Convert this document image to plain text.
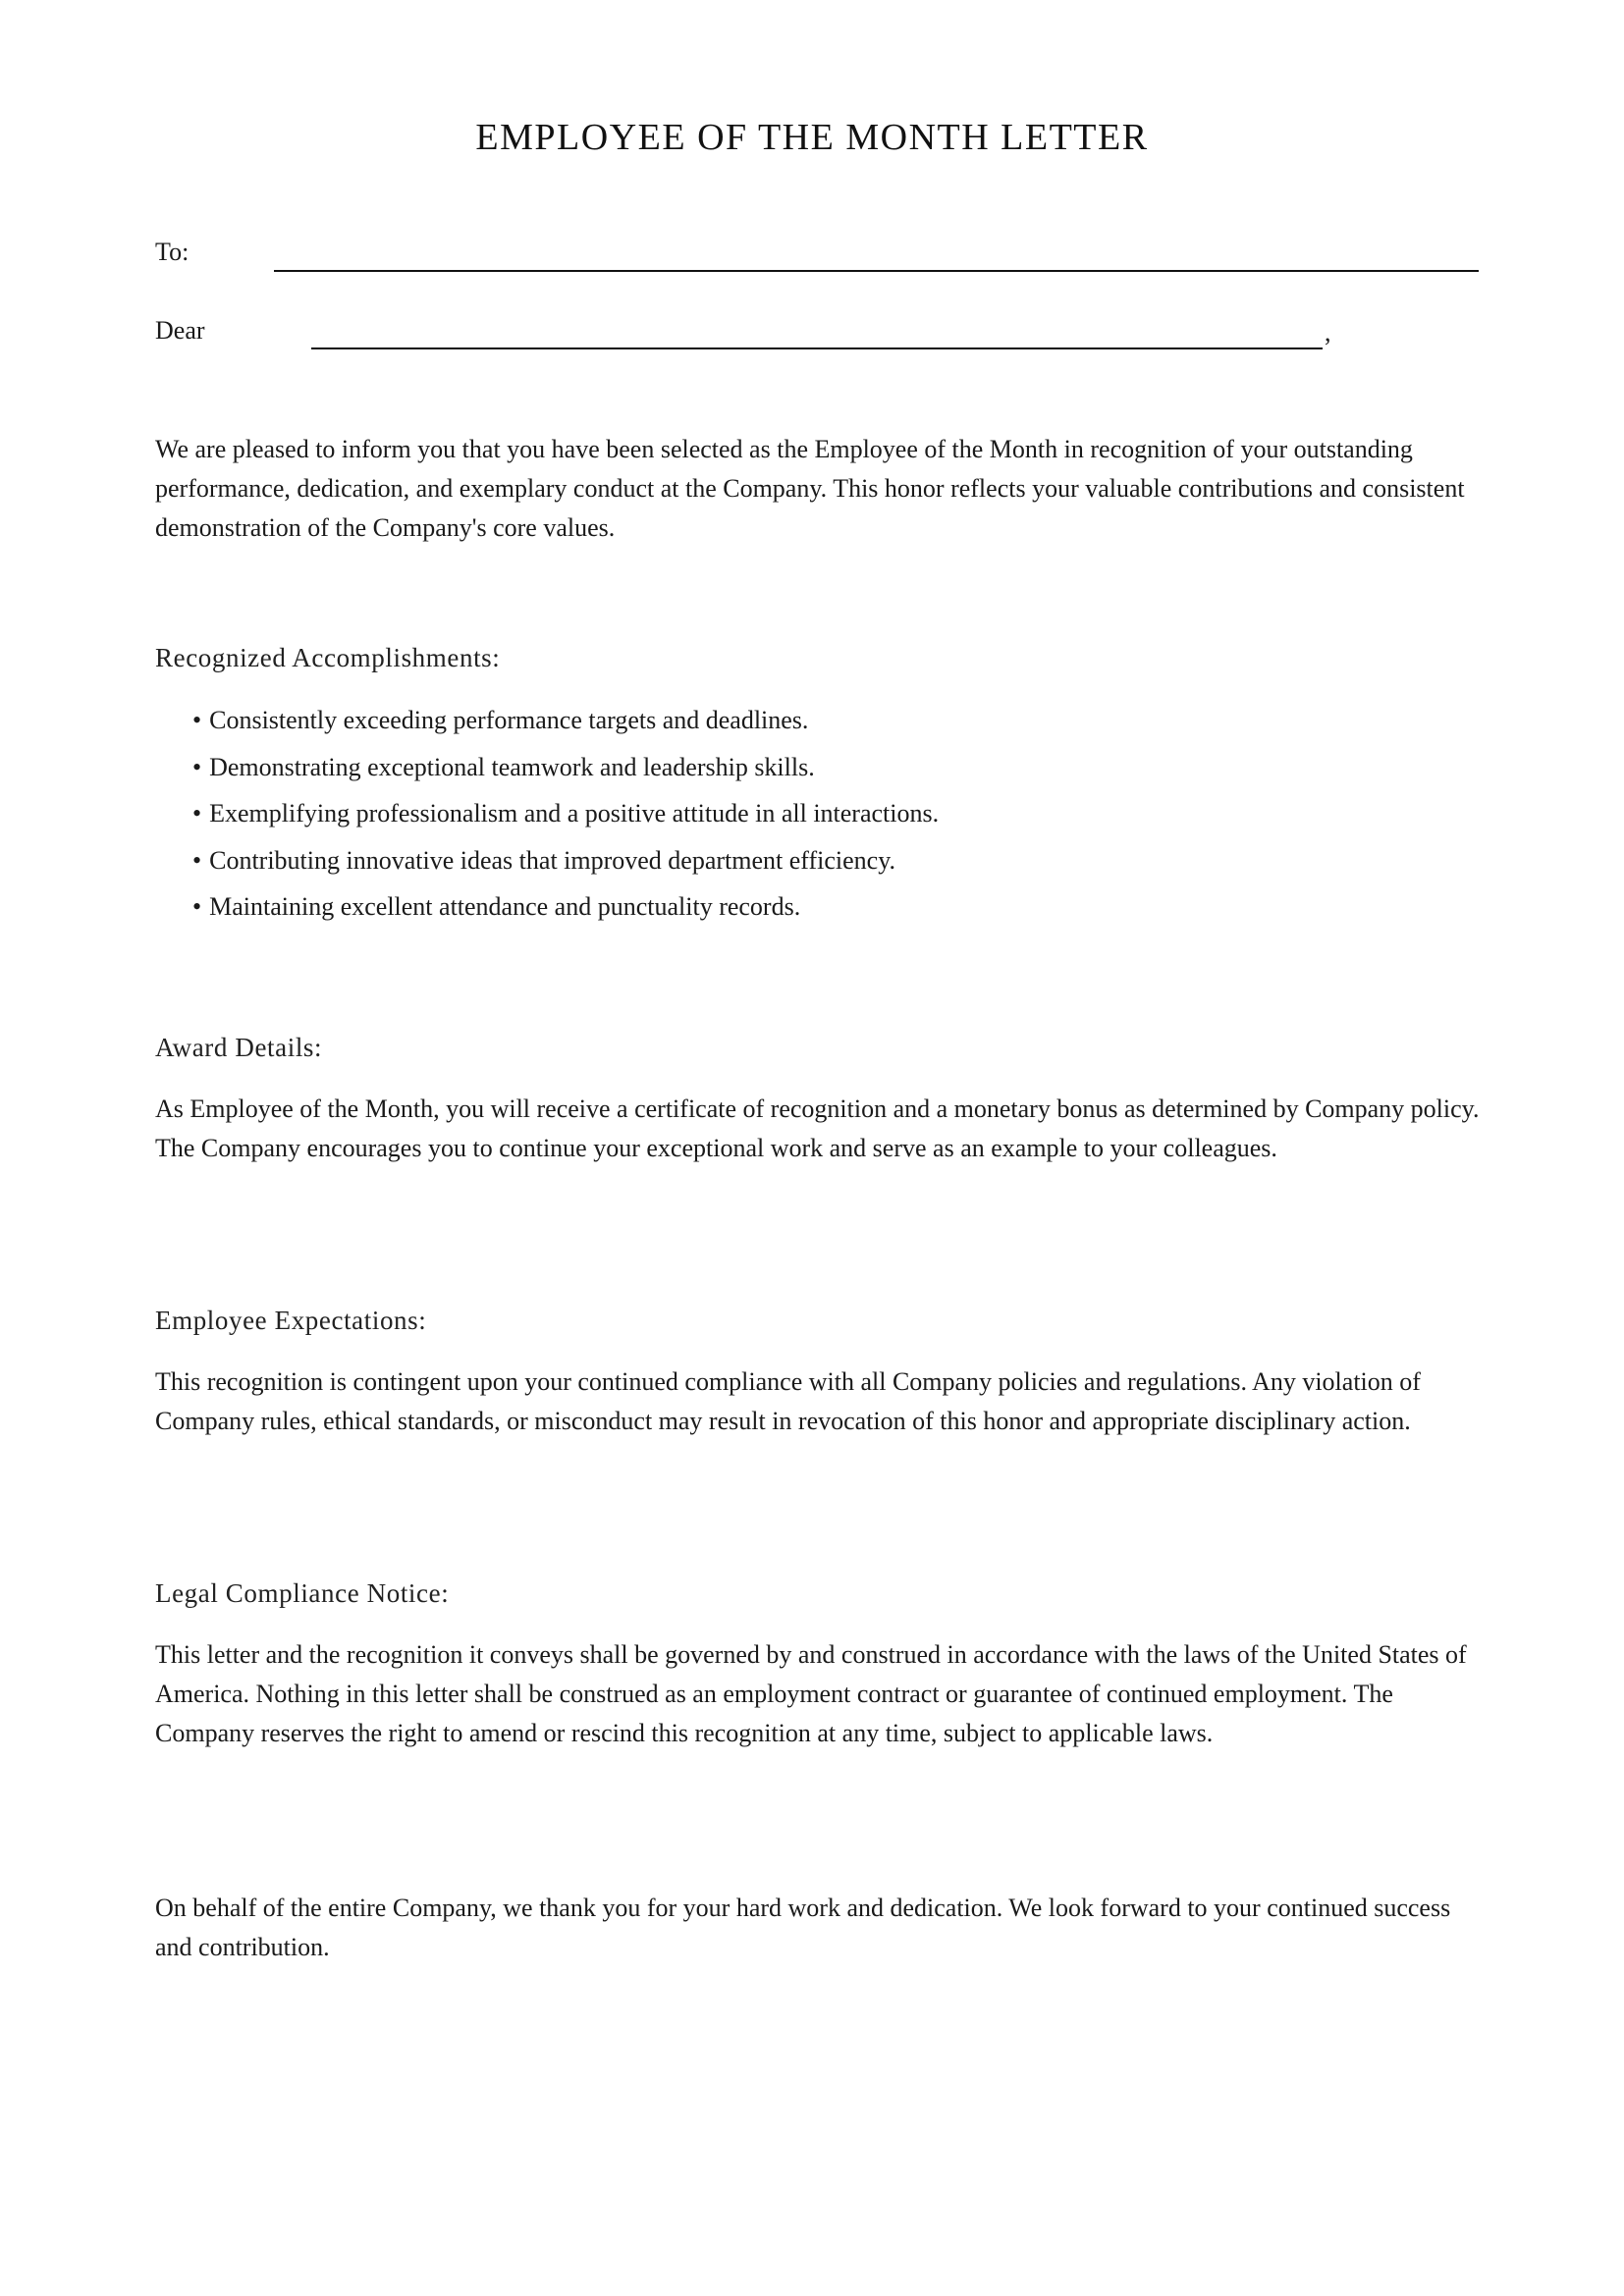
EMPLOYEE OF THE MONTH LETTER
To:
Dear	,

We are pleased to inform you that you have been selected as the Employee of the Month in recognition of your outstanding performance, dedication, and exemplary conduct at the Company. This honor reflects your valuable contributions and consistent demonstration of the Company's core values.

Recognized Accomplishments:
• Consistently exceeding performance targets and deadlines.
• Demonstrating exceptional teamwork and leadership skills.
• Exemplifying professionalism and a positive attitude in all interactions.
• Contributing innovative ideas that improved department efficiency.
• Maintaining excellent attendance and punctuality records.
Award Details:

As Employee of the Month, you will receive a certificate of recognition and a monetary bonus as determined by Company policy. The Company encourages you to continue your exceptional work and serve as an example to your colleagues.

Employee Expectations:

This recognition is contingent upon your continued compliance with all Company policies and regulations. Any violation of Company rules, ethical standards, or misconduct may result in revocation of this honor and appropriate disciplinary action.

Legal Compliance Notice:

This letter and the recognition it conveys shall be governed by and construed in accordance with the laws of the United States of America. Nothing in this letter shall be construed as an employment contract or guarantee of continued employment. The Company reserves the right to amend or rescind this recognition at any time, subject to applicable laws.

On behalf of the entire Company, we thank you for your hard work and dedication. We look forward to your continued success and contribution.
